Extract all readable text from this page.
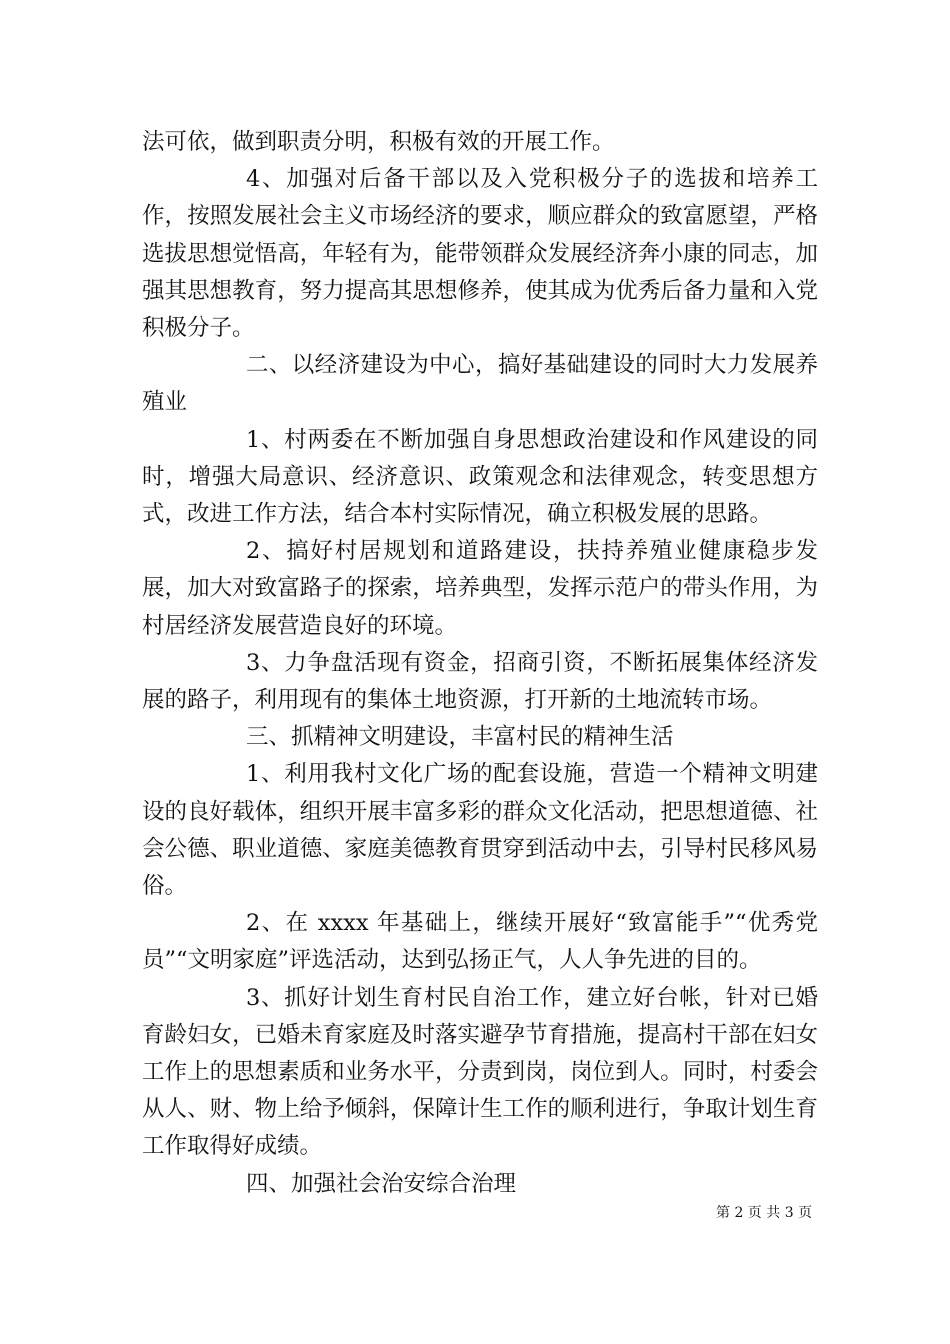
法可依，做到职责分明，积极有效的开展工作。

4、加强对后备干部以及入党积极分子的选拔和培养工作，按照发展社会主义市场经济的要求，顺应群众的致富愿望，严格选拔思想觉悟高，年轻有为，能带领群众发展经济奔小康的同志，加强其思想教育，努力提高其思想修养，使其成为优秀后备力量和入党积极分子。

二、以经济建设为中心，搞好基础建设的同时大力发展养殖业

1、村两委在不断加强自身思想政治建设和作风建设的同时，增强大局意识、经济意识、政策观念和法律观念，转变思想方式，改进工作方法，结合本村实际情况，确立积极发展的思路。

2、搞好村居规划和道路建设，扶持养殖业健康稳步发展，加大对致富路子的探索，培养典型，发挥示范户的带头作用，为村居经济发展营造良好的环境。

3、力争盘活现有资金，招商引资，不断拓展集体经济发展的路子，利用现有的集体土地资源，打开新的土地流转市场。

三、抓精神文明建设，丰富村民的精神生活

1、利用我村文化广场的配套设施，营造一个精神文明建设的良好载体，组织开展丰富多彩的群众文化活动，把思想道德、社会公德、职业道德、家庭美德教育贯穿到活动中去，引导村民移风易俗。

2、在 xxxx 年基础上，继续开展好“致富能手”“优秀党员”“文明家庭”评选活动，达到弘扬正气，人人争先进的目的。

3、抓好计划生育村民自治工作，建立好台帐，针对已婚育龄妇女，已婚未育家庭及时落实避孕节育措施，提高村干部在妇女工作上的思想素质和业务水平，分责到岗，岗位到人。同时，村委会从人、财、物上给予倾斜，保障计生工作的顺利进行，争取计划生育工作取得好成绩。

四、加强社会治安综合治理

第 2 页 共 3 页
